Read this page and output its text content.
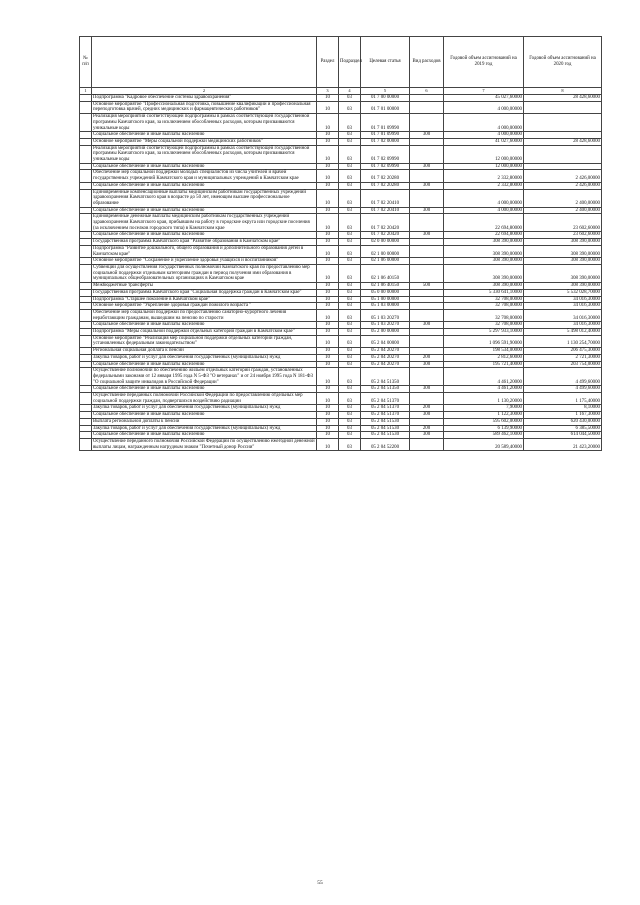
№ п/п		Раздел	Подраздел	Целевая статья	Вид расходов	Годовой объем ассигнований на 2019 год	Годовой объем ассигнований на 2020 год
1	2	3	4	5	6	7	8
	Подпрограмма "Кадровое обеспечение системы здравоохранения"	10	03	01 7 00 00000		45 027,60000	28 428,60000
	Основное мероприятие "Профессиональная подготовка, повышение квалификации и профессиональная переподготовка врачей, средних медицинских и фармацевтических работников"	10	03	01 7 01 00000		4 000,00000	
	Реализация мероприятий соответствующей подпрограммы в рамках соответствующей государственной программы Камчатского края, за исключением обособленных расходов, которым присваиваются уникальные коды	10	03	01 7 01 09990		4 000,00000	
	Социальное обеспечение и иные выплаты населению	10	03	01 7 01 09990	300	4 000,00000	
	Основное мероприятие "Меры социальной поддержки медицинских работников"	10	03	01 7 02 00000		41 027,60000	28 428,60000
	Реализация мероприятий соответствующей подпрограммы в рамках соответствующей государственной программы Камчатского края, за исключением обособленных расходов, которым присваиваются уникальные коды	10	03	01 7 02 09990		12 000,00000	
	Социальное обеспечение и иные выплаты населению	10	03	01 7 02 09990	300	12 000,00000	
	Обеспечение мер социальной поддержки молодых специалистов из числа учителей и врачей государственных учреждений Камчатского края и муниципальных учреждений в Камчатском крае	10	03	01 7 02 20280		2 332,80000	2 426,00000
	Социальное обеспечение и иные выплаты населению	10	03	01 7 02 20280	300	2 332,80000	2 426,00000
	Единовременные компенсационные выплаты медицинским работникам государственных учреждений здравоохранения Камчатского края в возрасте до 50 лет, имеющим высшее профессиональное образование	10	03	01 7 02 20410		4 000,00000	2 400,00000
	Социальное обеспечение и иные выплаты населению	10	03	01 7 02 20410	300	4 000,00000	2 400,00000
	Единовременные денежные выплаты медицинским работникам государственных учреждений здравоохранения Камчатского края, прибывшим на работу в городские округа или городские поселения (за исключением поселков городского типа) в Камчатском крае	10	03	01 7 02 20420		22 694,80000	23 602,60000
	Социальное обеспечение и иные выплаты населению	10	03	01 7 02 20420	300	22 694,80000	23 602,60000
	Государственная программа Камчатского края "Развитие образования в Камчатском крае"	10	03	02 0 00 00000		308 390,00000	308 390,00000
	Подпрограмма "Развитие дошкольного, общего образования и дополнительного образования детей в Камчатском крае"	10	03	02 1 00 00000		308 390,00000	308 390,00000
	Основное мероприятие "Сохранение и укрепление здоровья учащихся и воспитанников"	10	03	02 1 06 00000		308 390,00000	308 390,00000
	Субвенции для осуществления государственных полномочий Камчатского края по предоставлению мер социальной поддержки отдельным категориям граждан в период получения ими образования в муниципальных общеобразовательных организациях в Камчатском крае	10	03	02 1 06 40150		308 390,00000	308 390,00000
	Межбюджетные трансферты	10	03	02 1 06 40150	500	308 390,00000	308 390,00000
	Государственная программа Камчатского края "Социальная поддержка граждан в Камчатском крае"	10	03	05 0 00 00000		5 330 641,10000	5 532 028,70000
	Подпрограмма "Старшее поколение в Камчатском крае"	10	03	05 1 00 00000		32 708,00000	34 016,30000
	Основное мероприятие "Укрепление здоровья граждан пожилого возраста "	10	03	05 1 03 00000		32 708,00000	34 016,30000
	Обеспечение мер социальной поддержки по предоставлению санаторно-курортного лечения неработающим гражданам, вышедшим на пенсию по старости	10	03	05 1 03 20270		32 708,00000	34 016,30000
	Социальное обеспечение и иные выплаты населению	10	03	05 1 03 20270	300	32 708,00000	34 016,30000
	Подпрограмма "Меры социальной поддержки отдельных категорий граждан в Камчатском крае"	10	03	05 2 00 00000		5 297 933,10000	5 498 012,40000
	Основное мероприятие "Реализация мер социальной поддержки отдельных категорий граждан, установленных федеральным законодательством"	10	03	05 2 04 00000		1 096 591,90000	1 130 254,70000
	Региональная социальная доплата к пенсии	10	03	05 2 04 20270		198 534,00000	206 475,30000
	Закупка товаров, работ и услуг для обеспечения государственных (муниципальных) нужд	10	03	05 2 04 20270	200	2 812,60000	2 721,30000
	Социальное обеспечение и иные выплаты населению	10	03	05 2 04 20270	300	195 721,40000	203 754,00000
	Осуществление полномочий по обеспечению жильем отдельных категорий граждан, установленных федеральными законами от 12 января 1995 года N 5-ФЗ "О ветеранах" и от 24 ноября 1995 года N 181-ФЗ "О социальной защите инвалидов в Российской Федерации"	10	03	05 2 04 51350		4 461,20000	4 499,60000
	Социальное обеспечение и иные выплаты населению	10	03	05 2 04 51350	300	4 461,20000	4 499,60000
	Осуществление переданных полномочий Российской Федерации по предоставлению отдельных мер социальной поддержки граждан, подвергшихся воздействию радиации	10	03	05 2 04 51370		1 130,20000	1 175,40000
	Закупка товаров, работ и услуг для обеспечения государственных (муниципальных) нужд	10	03	05 2 04 51370	200	7,90000	8,10000
	Социальное обеспечение и иные выплаты населению	10	03	05 2 04 51370	300	1 122,30000	1 167,30000
	Выплата региональной доплаты к пенсии	10	03	05 2 04 51530		595 602,00000	620 430,00000
	Закупка товаров, работ и услуг для обеспечения государственных (муниципальных) нужд	10	03	05 2 04 51530	200	6 139,90000	6 385,50000
	Социальное обеспечение и иные выплаты населению	10	03	05 2 04 51530	300	589 462,10000	614 044,50000
	Осуществление переданного полномочия Российской Федерации по осуществлению ежегодной денежной выплаты лицам, награжденным нагрудным знаком "Почетный донор России"	10	03	05 2 04 52200		20 589,40000	21 423,20000
55
